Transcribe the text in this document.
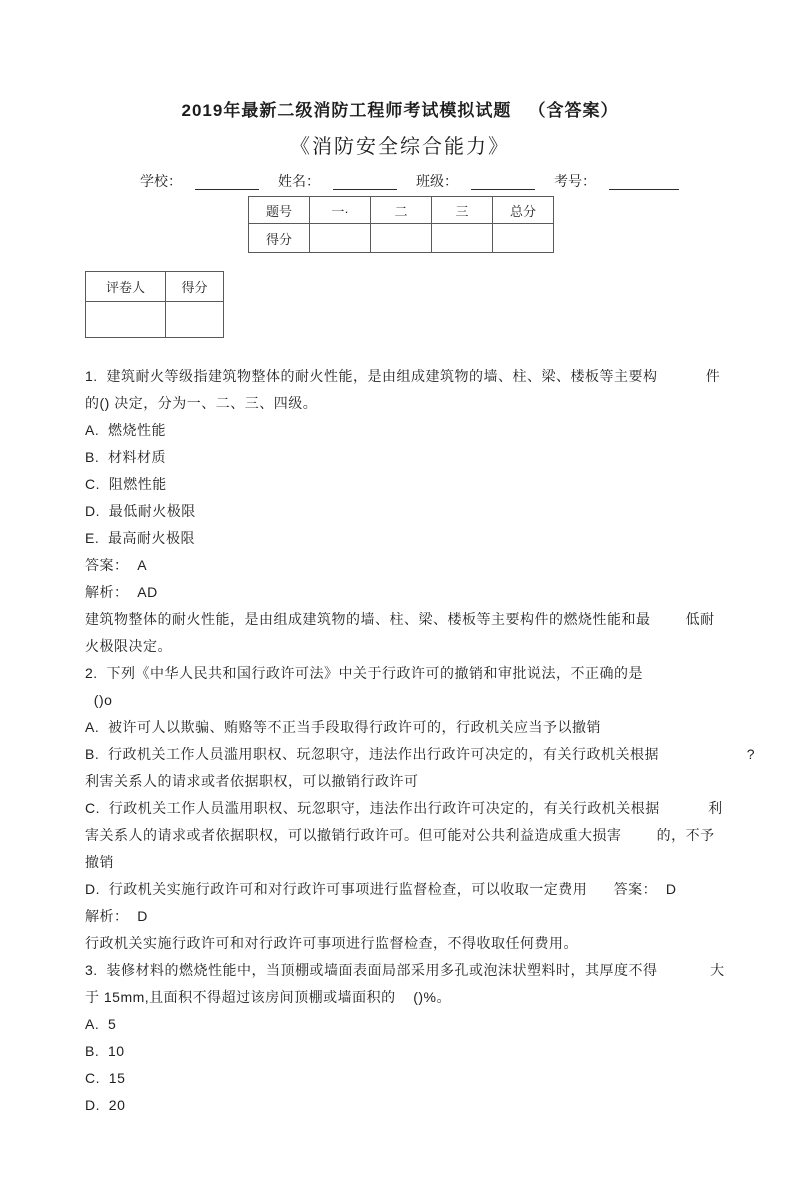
2019年最新二级消防工程师考试模拟试题   （含答案）
《消防安全综合能力》
学校：	姓名：	班级：	考号：
题号	一·	二	三	总分
得分				
评卷人	得分

1.  建筑耐火等级指建筑物整体的耐火性能，是由组成建筑物的墙、柱、梁、楼板等主要构           件
的() 决定，分为一、二、三、四级。
A.  燃烧性能
B.  材料材质
C.  阻燃性能
D.  最低耐火极限
E.  最高耐火极限
答案：  A
解析：  AD
建筑物整体的耐火性能，是由组成建筑物的墙、柱、梁、楼板等主要构件的燃烧性能和最        低耐
火极限决定。
2.  下列《中华人民共和国行政许可法》中关于行政许可的撤销和审批说法，不正确的是
()o
A.  被许可人以欺骗、贿赂等不正当手段取得行政许可的，行政机关应当予以撤销
B.  行政机关工作人员滥用职权、玩忽职守，违法作出行政许可决定的，有关行政机关根据                    ?
利害关系人的请求或者依据职权，可以撤销行政许可
C.  行政机关工作人员滥用职权、玩忽职守，违法作出行政许可决定的，有关行政机关根据           利
害关系人的请求或者依据职权，可以撤销行政许可。但可能对公共利益造成重大损害        的，不予
撤销
D.  行政机关实施行政许可和对行政许可事项进行监督检查，可以收取一定费用      答案：  D
解析：  D
行政机关实施行政许可和对行政许可事项进行监督检查，不得收取任何费用。
3.  装修材料的燃烧性能中，当顶棚或墙面表面局部采用多孔或泡沫状塑料时，其厚度不得            大
于 15mm,且面积不得超过该房间顶棚或墙面积的    ()%。
A.  5
B.  10
C.  15
D.  20
